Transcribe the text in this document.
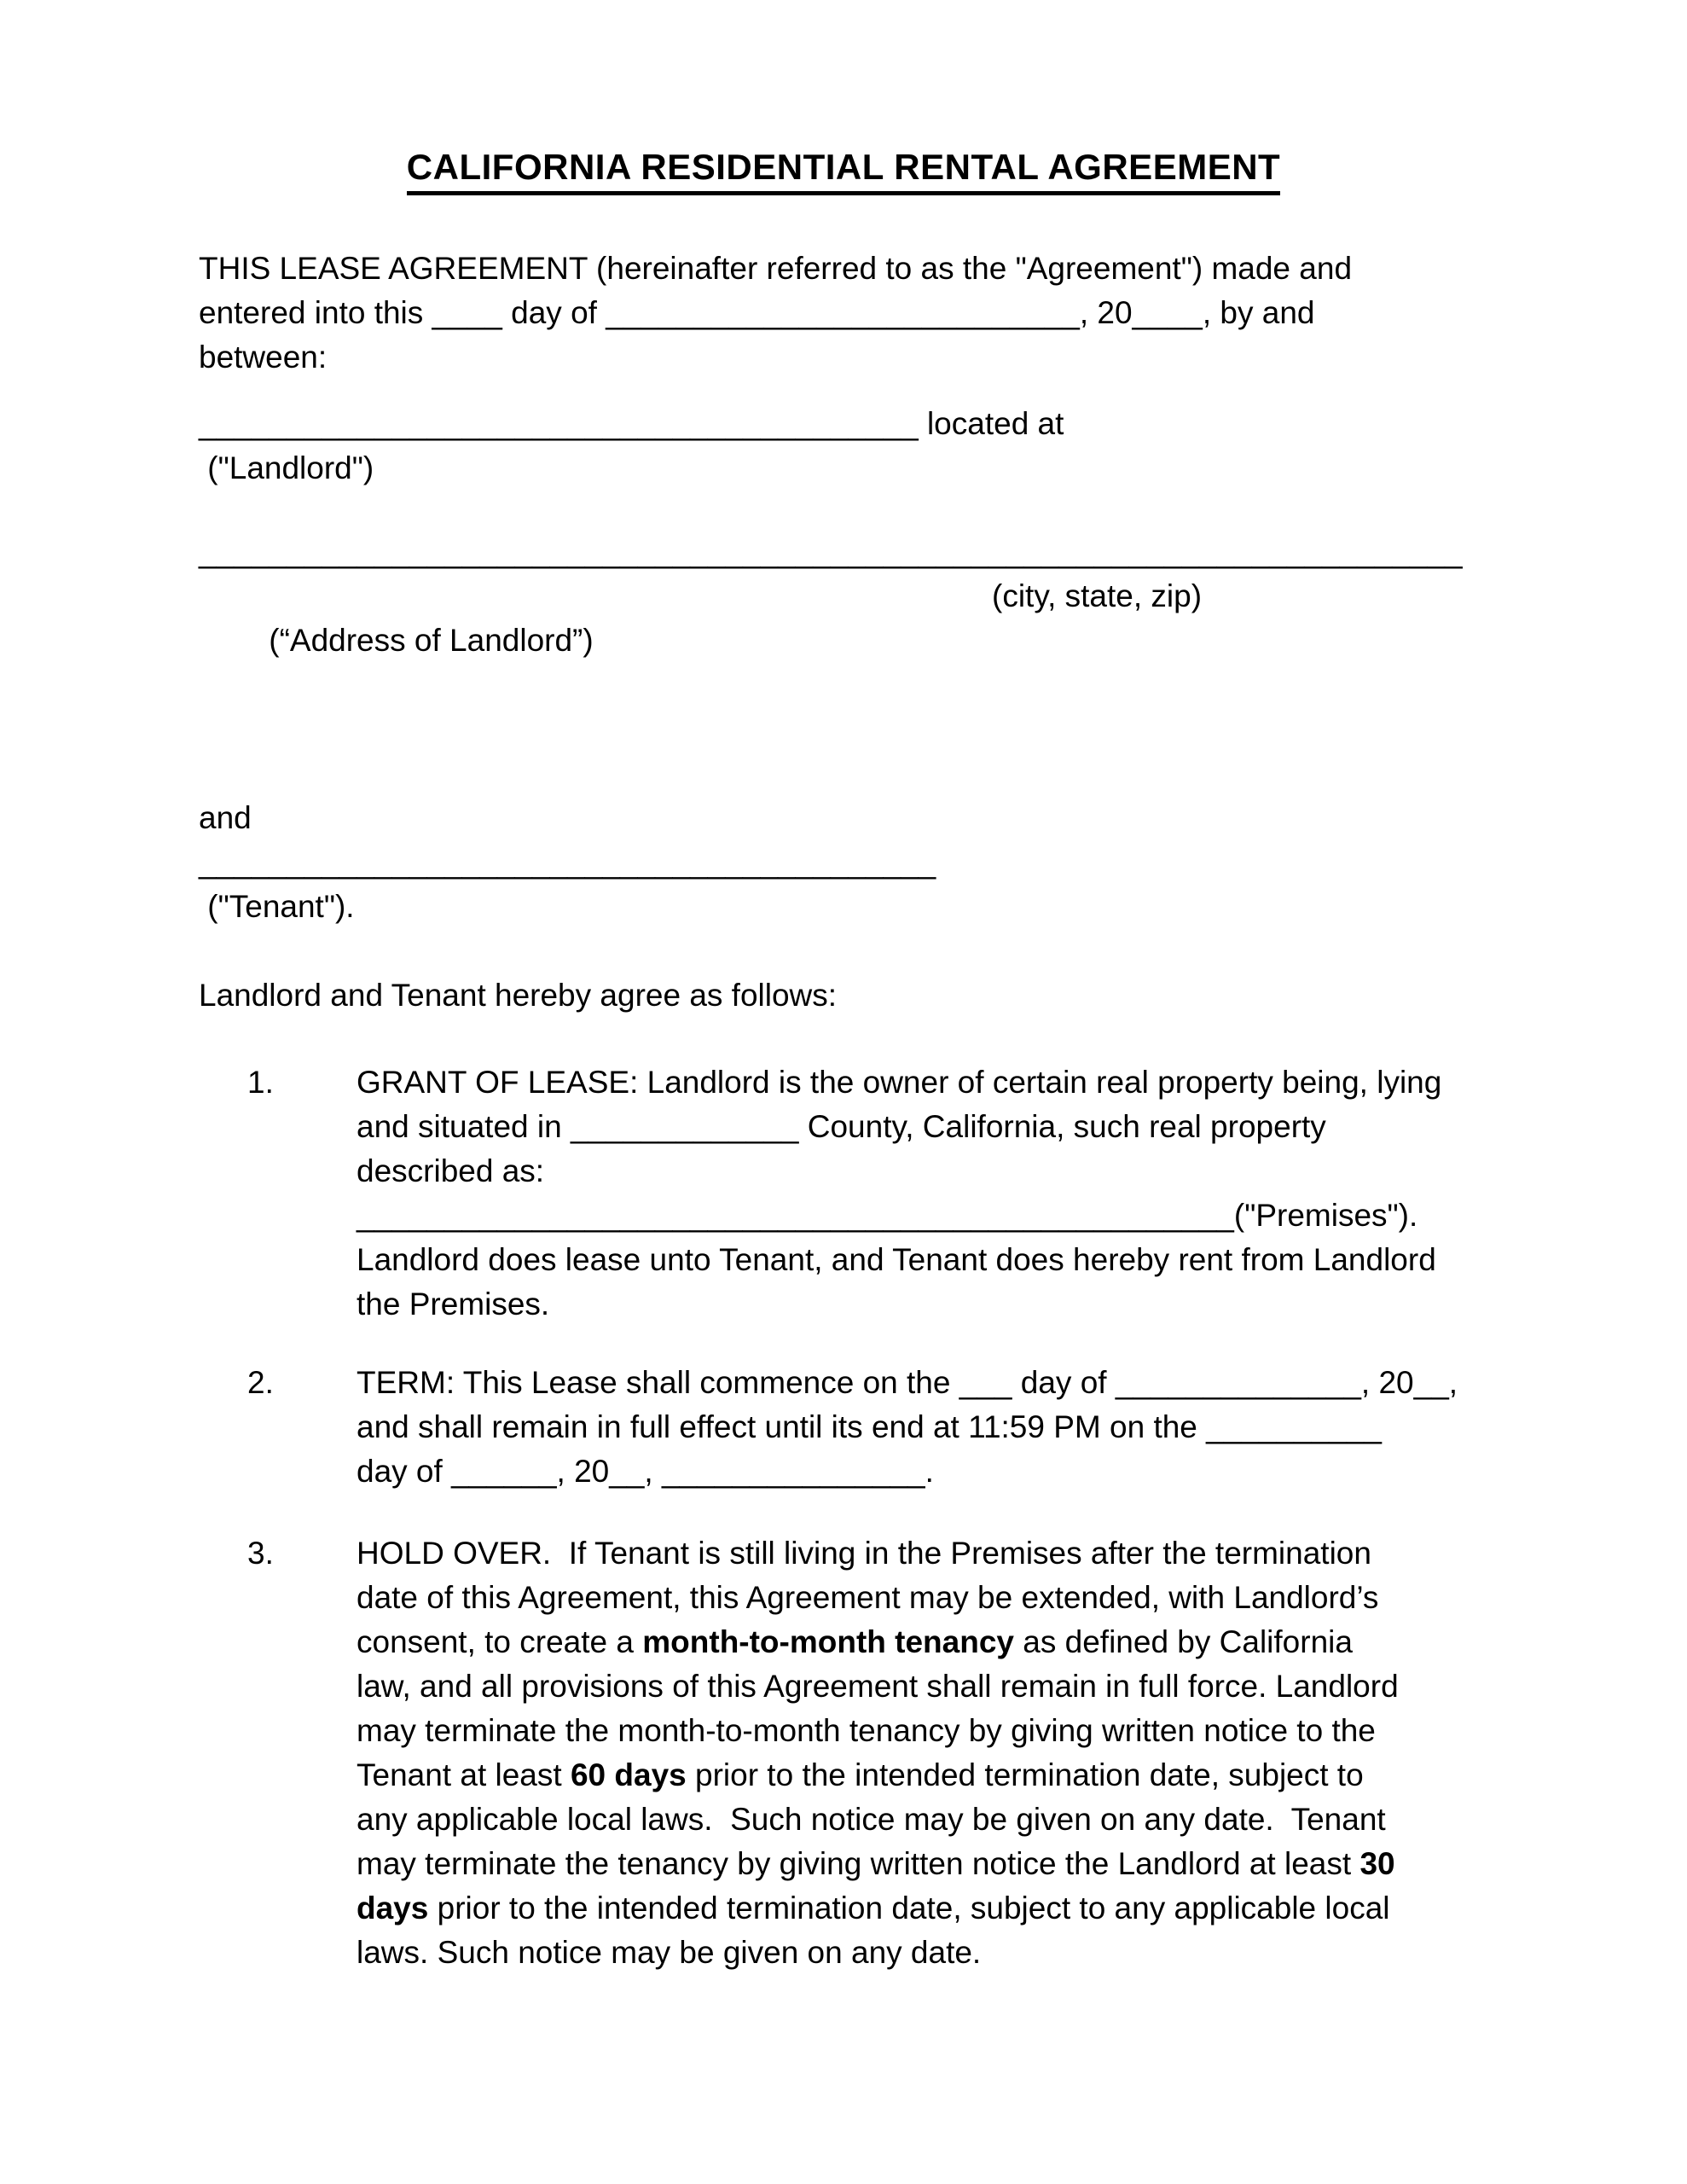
CALIFORNIA RESIDENTIAL RENTAL AGREEMENT
THIS LEASE AGREEMENT (hereinafter referred to as the "Agreement") made and
entered into this ____ day of ___________________________, 20____, by and
between:
_________________________________________ located at
("Landlord")
________________________________________________________________________

(“Address of Landlord”)

(city, state, zip)

and
__________________________________________
("Tenant").
Landlord and Tenant hereby agree as follows:
1.	GRANT OF LEASE: Landlord is the owner of certain real property being, lying
and situated in _____________ County, California, such real property
described as:
__________________________________________________("Premises").
Landlord does lease unto Tenant, and Tenant does hereby rent from Landlord
the Premises.
2.	TERM: This Lease shall commence on the ___ day of ______________, 20__,
and shall remain in full effect until its end at 11:59 PM on the __________
day of ______, 20__, _______________.
3.	HOLD OVER.  If Tenant is still living in the Premises after the termination
date of this Agreement, this Agreement may be extended, with Landlord’s
consent, to create a month-to-month tenancy as defined by California
law, and all provisions of this Agreement shall remain in full force. Landlord
may terminate the month-to-month tenancy by giving written notice to the
Tenant at least 60 days prior to the intended termination date, subject to
any applicable local laws.  Such notice may be given on any date.  Tenant
may terminate the tenancy by giving written notice the Landlord at least 30
days prior to the intended termination date, subject to any applicable local
laws. Such notice may be given on any date.
